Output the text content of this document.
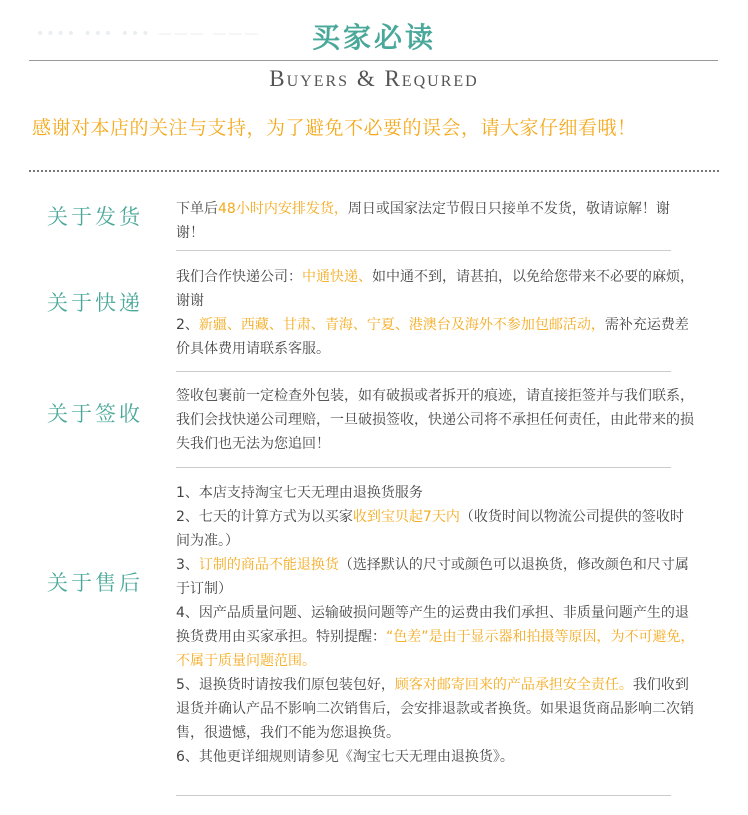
•••• ••• ••• ——— ———	买家必读
Buyers & Requred
感谢对本店的关注与支持，为了避免不必要的误会，请大家仔细看哦！
关于发货	下单后48小时内安排发货，周日或国家法定节假日只接单不发货，敬请谅解！谢谢！

关于快递

我们合作快递公司：中通快递、如中通不到，请甚拍，以免给您带来不必要的麻烦，谢谢

2、新疆、西藏、甘肃、青海、宁夏、港澳台及海外不参加包邮活动，需补充运费差价具体费用请联系客服。

关于签收

签收包裹前一定检查外包装，如有破损或者拆开的痕迹，请直接拒签并与我们联系，我们会找快递公司理赔，一旦破损签收，快递公司将不承担任何责任，由此带来的损失我们也无法为您追回！

关于售后

1、本店支持淘宝七天无理由退换货服务

2、七天的计算方式为以买家收到宝贝起7天内（收货时间以物流公司提供的签收时间为准。）

3、订制的商品不能退换货（选择默认的尺寸或颜色可以退换货，修改颜色和尺寸属于订制）

4、因产品质量问题、运输破损问题等产生的运费由我们承担、非质量问题产生的退换货费用由买家承担。特别提醒：“色差”是由于显示器和拍摄等原因，为不可避免，不属于质量问题范围。

5、退换货时请按我们原包装包好，顾客对邮寄回来的产品承担安全责任。我们收到退货并确认产品不影响二次销售后，会安排退款或者换货。如果退货商品影响二次销售，很遗憾，我们不能为您退换货。

6、其他更详细规则请参见《淘宝七天无理由退换货》。
